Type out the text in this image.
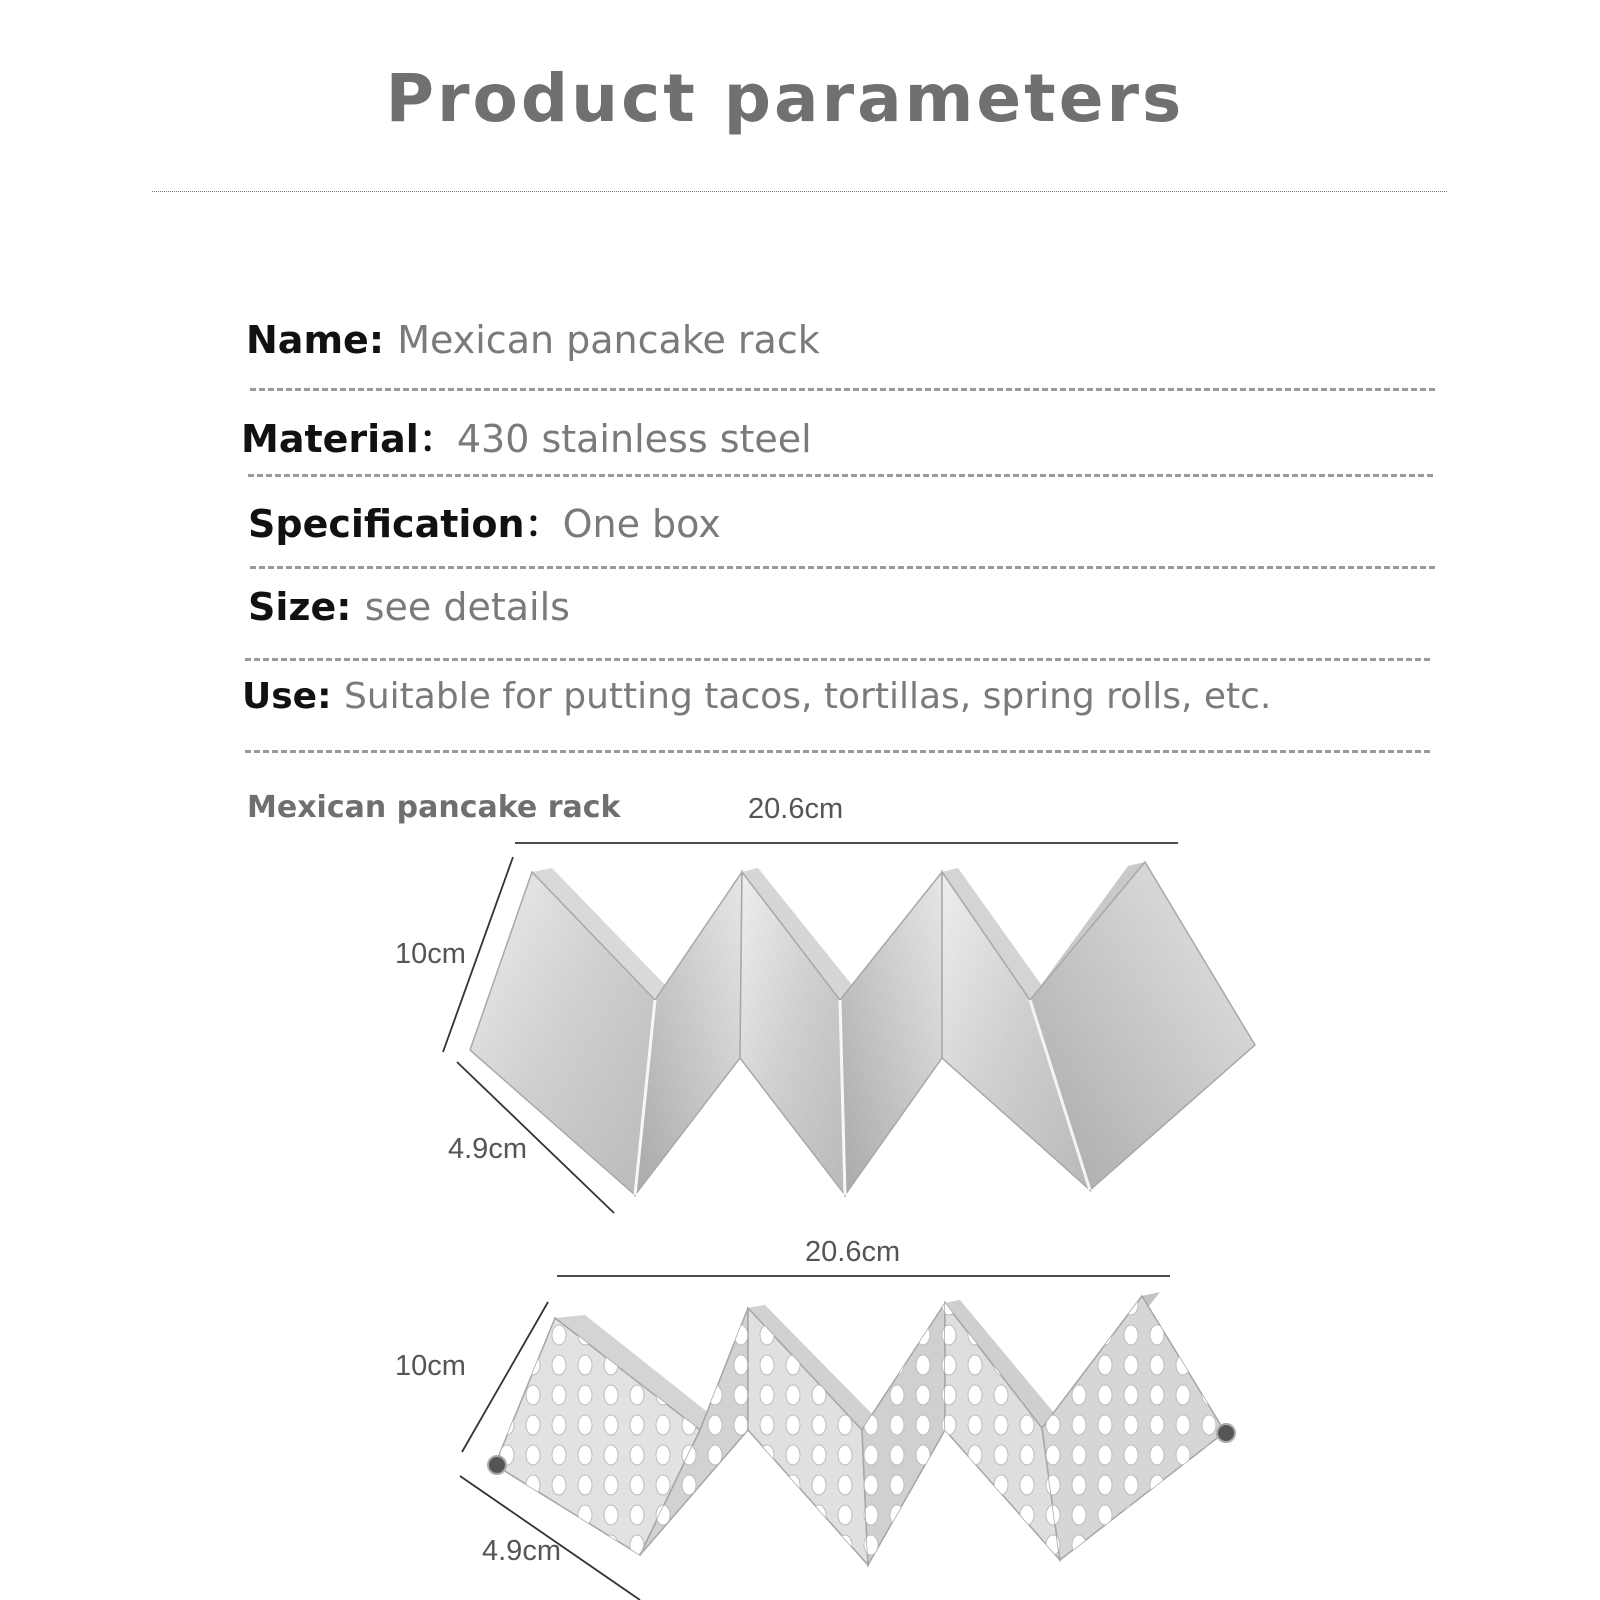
Product parameters
Name: Mexican pancake rack
Material：430 stainless steel
Specification：One box
Size: see details
Use: Suitable for putting tacos, tortillas, spring rolls, etc.
Mexican pancake rack	20.6cm
10cm
4.9cm
20.6cm
10cm
4.9cm
